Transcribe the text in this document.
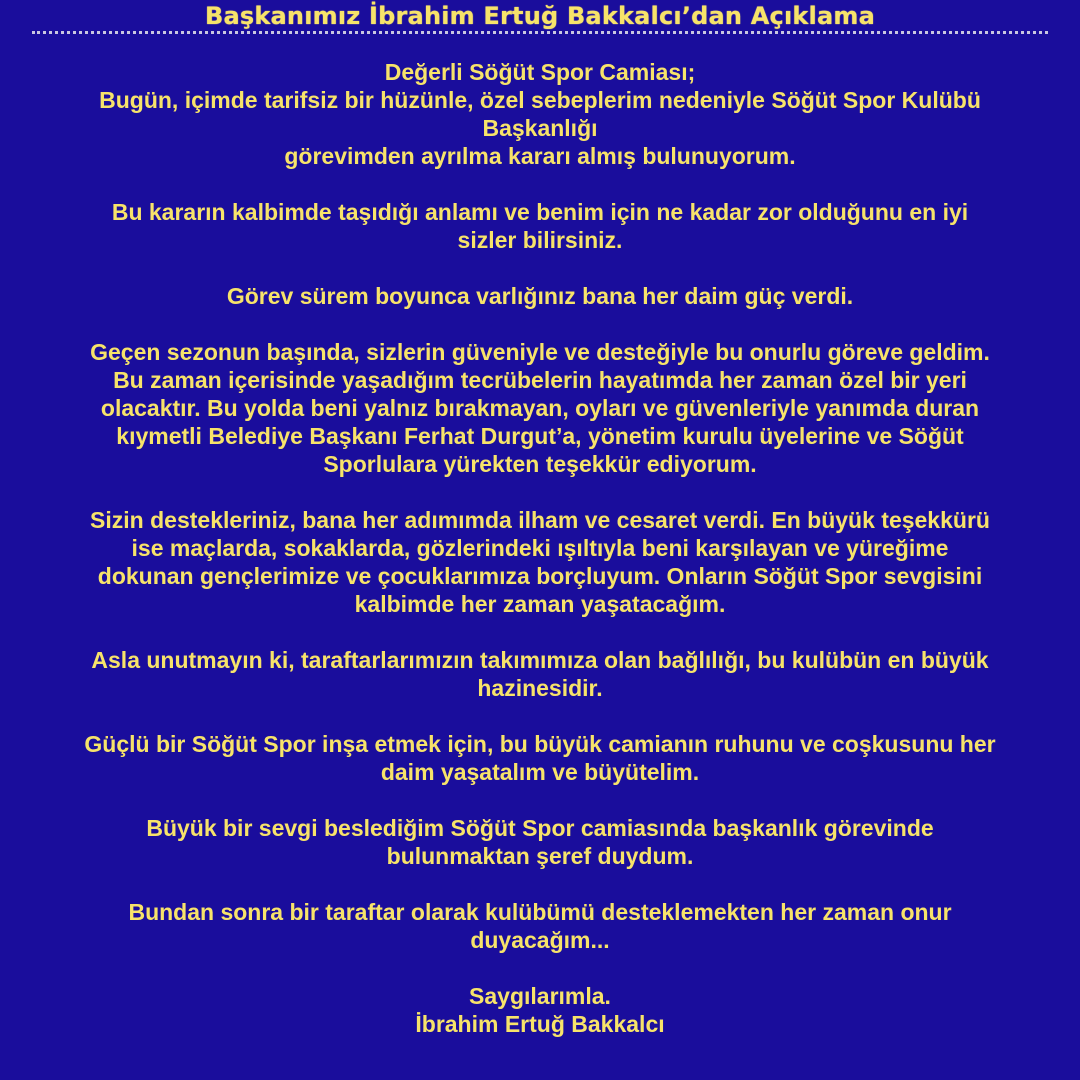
Başkanımız İbrahim Ertuğ Bakkalcı’dan Açıklama

Değerli Söğüt Spor Camiası;
Bugün, içimde tarifsiz bir hüzünle, özel sebeplerim nedeniyle Söğüt Spor Kulübü
Başkanlığı
görevimden ayrılma kararı almış bulunuyorum.

Bu kararın kalbimde taşıdığı anlamı ve benim için ne kadar zor olduğunu en iyi
sizler bilirsiniz.

Görev sürem boyunca varlığınız bana her daim güç verdi.

Geçen sezonun başında, sizlerin güveniyle ve desteğiyle bu onurlu göreve geldim.
Bu zaman içerisinde yaşadığım tecrübelerin hayatımda her zaman özel bir yeri
olacaktır. Bu yolda beni yalnız bırakmayan, oyları ve güvenleriyle yanımda duran
kıymetli Belediye Başkanı Ferhat Durgut’a, yönetim kurulu üyelerine ve Söğüt
Sporlulara yürekten teşekkür ediyorum.

Sizin destekleriniz, bana her adımımda ilham ve cesaret verdi. En büyük teşekkürü
ise maçlarda, sokaklarda, gözlerindeki ışıltıyla beni karşılayan ve yüreğime
dokunan gençlerimize ve çocuklarımıza borçluyum. Onların Söğüt Spor sevgisini
kalbimde her zaman yaşatacağım.

Asla unutmayın ki, taraftarlarımızın takımımıza olan bağlılığı, bu kulübün en büyük
hazinesidir.

Güçlü bir Söğüt Spor inşa etmek için, bu büyük camianın ruhunu ve coşkusunu her
daim yaşatalım ve büyütelim.

Büyük bir sevgi beslediğim Söğüt Spor camiasında başkanlık görevinde
bulunmaktan şeref duydum.

Bundan sonra bir taraftar olarak kulübümü desteklemekten her zaman onur
duyacağım...

Saygılarımla.
İbrahim Ertuğ Bakkalcı
